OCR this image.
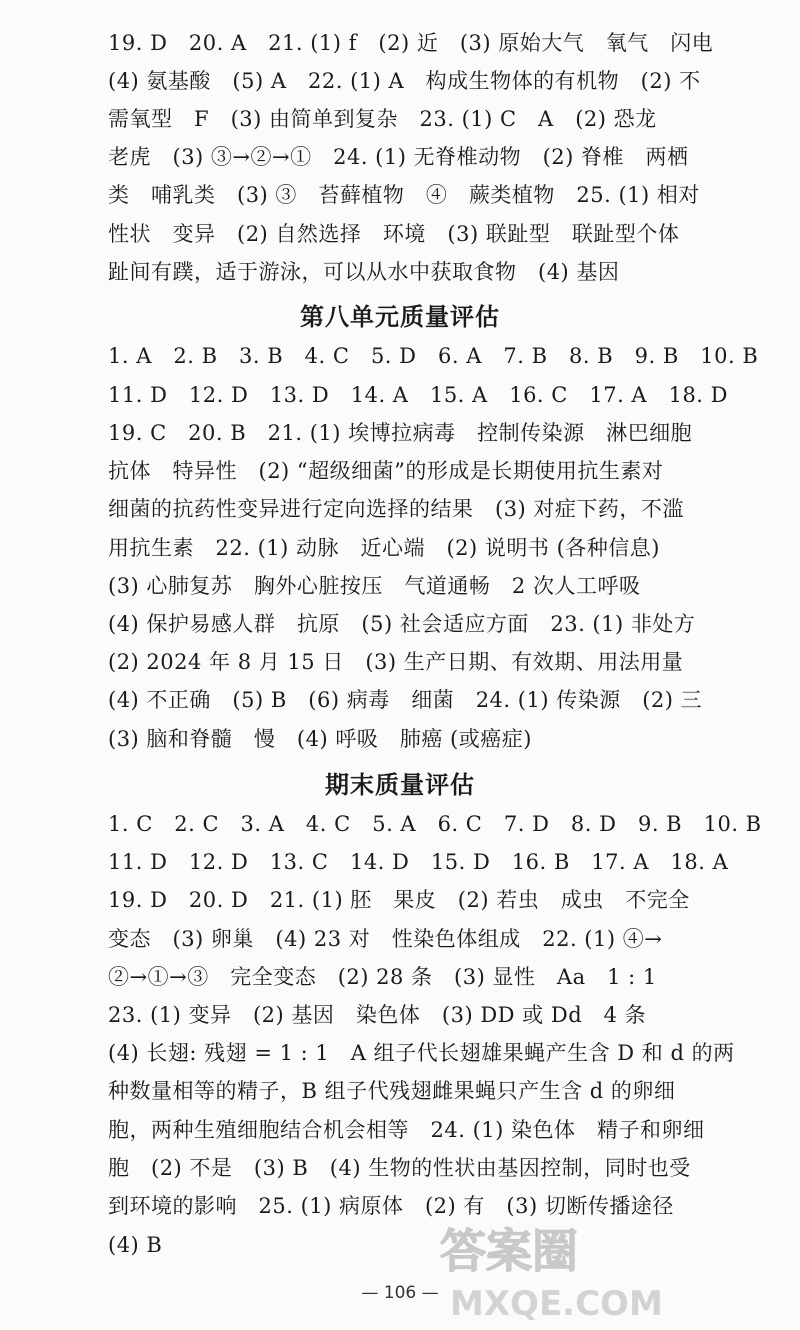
19. D　20. A　21. (1) f　(2) 近　(3) 原始大气　氧气　闪电
(4) 氨基酸　(5) A　22. (1) A　构成生物体的有机物　(2) 不
需氧型　F　(3) 由简单到复杂　23. (1) C　A　(2) 恐龙
老虎　(3) ③→②→①　24. (1) 无脊椎动物　(2) 脊椎　两栖
类　哺乳类　(3) ③　苔藓植物　④　蕨类植物　25. (1) 相对
性状　变异　(2) 自然选择　环境　(3) 联趾型　联趾型个体
趾间有蹼，适于游泳，可以从水中获取食物　(4) 基因
第八单元质量评估
1. A　2. B　3. B　4. C　5. D　6. A　7. B　8. B　9. B　10. B
11. D　12. D　13. D　14. A　15. A　16. C　17. A　18. D
19. C　20. B　21. (1) 埃博拉病毒　控制传染源　淋巴细胞
抗体　特异性　(2) “超级细菌”的形成是长期使用抗生素对
细菌的抗药性变异进行定向选择的结果　(3) 对症下药，不滥
用抗生素　22. (1) 动脉　近心端　(2) 说明书 (各种信息)
(3) 心肺复苏　胸外心脏按压　气道通畅　2 次人工呼吸
(4) 保护易感人群　抗原　(5) 社会适应方面　23. (1) 非处方
(2) 2024 年 8 月 15 日　(3) 生产日期、有效期、用法用量
(4) 不正确　(5) B　(6) 病毒　细菌　24. (1) 传染源　(2) 三
(3) 脑和脊髓　慢　(4) 呼吸　肺癌 (或癌症)
期末质量评估
1. C　2. C　3. A　4. C　5. A　6. C　7. D　8. D　9. B　10. B
11. D　12. D　13. C　14. D　15. D　16. B　17. A　18. A
19. D　20. D　21. (1) 胚　果皮　(2) 若虫　成虫　不完全
变态　(3) 卵巢　(4) 23 对　性染色体组成　22. (1) ④→
②→①→③　完全变态　(2) 28 条　(3) 显性　Aa　1 : 1
23. (1) 变异　(2) 基因　染色体　(3) DD 或 Dd　4 条
(4) 长翅: 残翅 = 1 : 1　A 组子代长翅雄果蝇产生含 D 和 d 的两
种数量相等的精子，B 组子代残翅雌果蝇只产生含 d 的卵细
胞，两种生殖细胞结合机会相等　24. (1) 染色体　精子和卵细
胞　(2) 不是　(3) B　(4) 生物的性状由基因控制，同时也受
到环境的影响　25. (1) 病原体　(2) 有　(3) 切断传播途径
(4) B
— 106 —
答案圈
MXQE.COM
